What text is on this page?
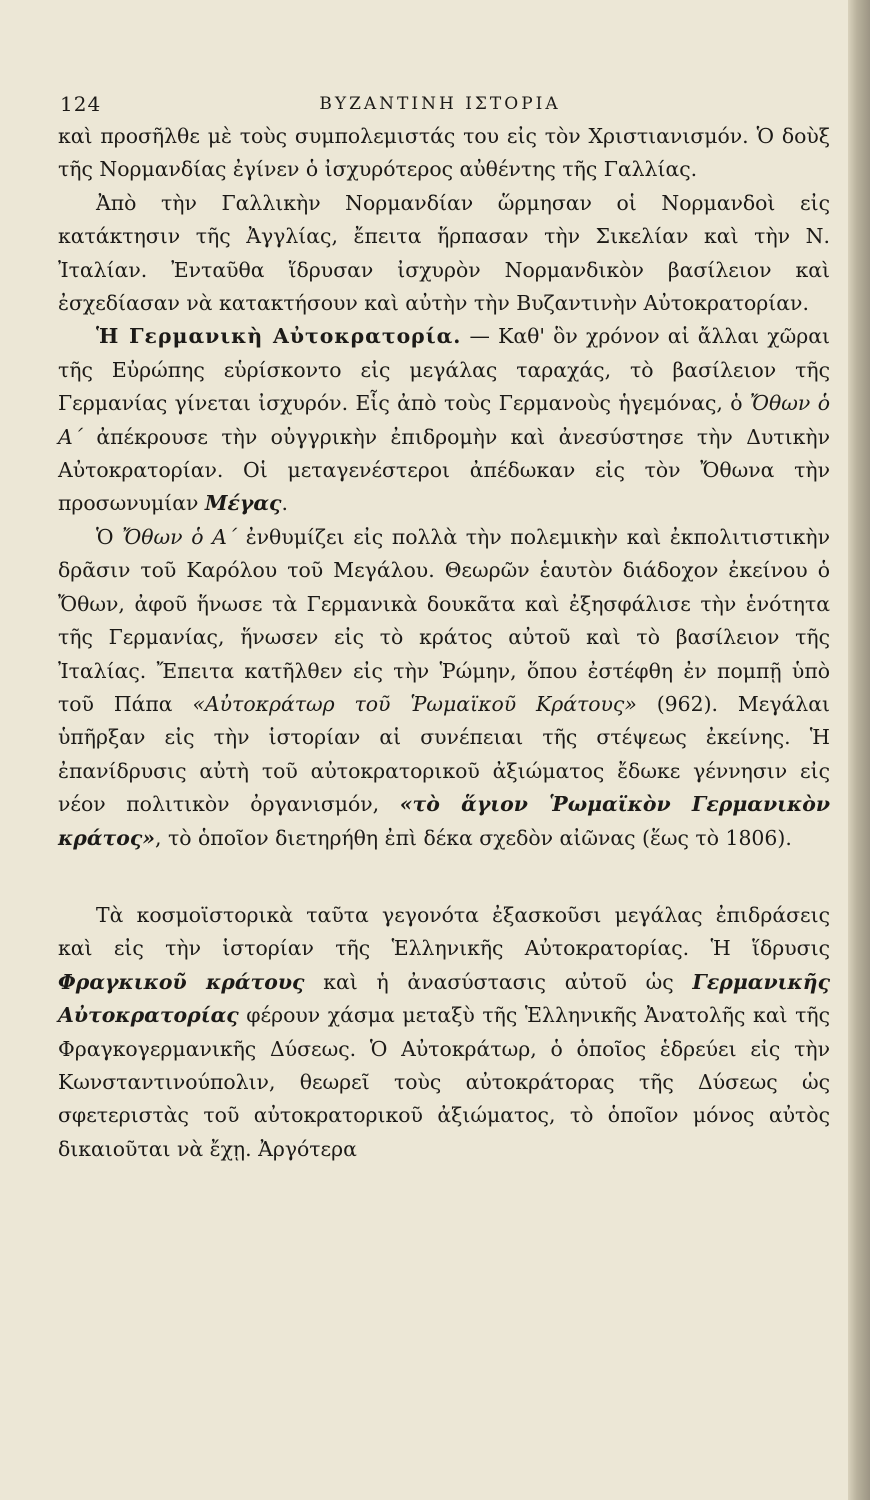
124	ΒΥΖΑΝΤΙΝΗ ΙΣΤΟΡΙΑ

καὶ προσῆλθε μὲ τοὺς συμπολεμιστάς του εἰς τὸν Χριστιανισμόν. Ὁ δοὺξ τῆς Νορμανδίας ἐγίνεν ὁ ἰσχυρότερος αὐθέντης τῆς Γαλλίας.

Ἀπὸ τὴν Γαλλικὴν Νορμανδίαν ὥρμησαν οἱ Νορμανδοὶ εἰς κατάκτησιν τῆς Ἀγγλίας, ἔπειτα ἥρπασαν τὴν Σικελίαν καὶ τὴν Ν. Ἰταλίαν. Ἐνταῦθα ἵδρυσαν ἰσχυρὸν Νορμανδικὸν βασίλειον καὶ ἐσχεδίασαν νὰ κατακτήσουν καὶ αὐτὴν τὴν Βυζαντινὴν Αὐτοκρατορίαν.

Ἡ Γερμανικὴ Αὐτοκρατορία. — Καθ' ὃν χρόνον αἱ ἄλλαι χῶραι τῆς Εὐρώπης εὑρίσκοντο εἰς μεγάλας ταραχάς, τὸ βασίλειον τῆς Γερμανίας γίνεται ἰσχυρόν. Εἷς ἀπὸ τοὺς Γερμανοὺς ἡγεμόνας, ὁ Ὄθων ὁ Α΄ ἀπέκρουσε τὴν οὐγγρικὴν ἐπιδρομὴν καὶ ἀνεσύστησε τὴν Δυτικὴν Αὐτοκρατορίαν. Οἱ μεταγενέστεροι ἀπέδωκαν εἰς τὸν Ὄθωνα τὴν προσωνυμίαν Μέγας.

Ὁ Ὄθων ὁ Α΄ ἐνθυμίζει εἰς πολλὰ τὴν πολεμικὴν καὶ ἐκπολιτιστικὴν δρᾶσιν τοῦ Καρόλου τοῦ Μεγάλου. Θεωρῶν ἑαυτὸν διάδοχον ἐκείνου ὁ Ὄθων, ἀφοῦ ἥνωσε τὰ Γερμανικὰ δουκᾶτα καὶ ἐξησφάλισε τὴν ἑνότητα τῆς Γερμανίας, ἥνωσεν εἰς τὸ κράτος αὐτοῦ καὶ τὸ βασίλειον τῆς Ἰταλίας. Ἔπειτα κατῆλθεν εἰς τὴν Ῥώμην, ὅπου ἐστέφθη ἐν πομπῇ ὑπὸ τοῦ Πάπα «Αὐτοκράτωρ τοῦ Ῥωμαϊκοῦ Κράτους» (962). Μεγάλαι ὑπῆρξαν εἰς τὴν ἱστορίαν αἱ συνέπειαι τῆς στέψεως ἐκείνης. Ἡ ἐπανίδρυσις αὐτὴ τοῦ αὐτοκρατορικοῦ ἀξιώματος ἔδωκε γέννησιν εἰς νέον πολιτικὸν ὀργανισμόν, «τὸ ἅγιον Ῥωμαϊκὸν Γερμανικὸν κράτος», τὸ ὁποῖον διετηρήθη ἐπὶ δέκα σχεδὸν αἰῶνας (ἕως τὸ 1806).

Τὰ κοσμοϊστορικὰ ταῦτα γεγονότα ἐξασκοῦσι μεγάλας ἐπιδράσεις καὶ εἰς τὴν ἱστορίαν τῆς Ἑλληνικῆς Αὐτοκρατορίας. Ἡ ἵδρυσις Φραγκικοῦ κράτους καὶ ἡ ἀνασύστασις αὐτοῦ ὡς Γερμανικῆς Αὐτοκρατορίας φέρουν χάσμα μεταξὺ τῆς Ἑλληνικῆς Ἀνατολῆς καὶ τῆς Φραγκογερμανικῆς Δύσεως. Ὁ Αὐτοκράτωρ, ὁ ὁποῖος ἑδρεύει εἰς τὴν Κωνσταντινούπολιν, θεωρεῖ τοὺς αὐτοκράτορας τῆς Δύσεως ὡς σφετεριστὰς τοῦ αὐτοκρατορικοῦ ἀξιώματος, τὸ ὁποῖον μόνος αὐτὸς δικαιοῦται νὰ ἔχῃ. Ἀργότερα
